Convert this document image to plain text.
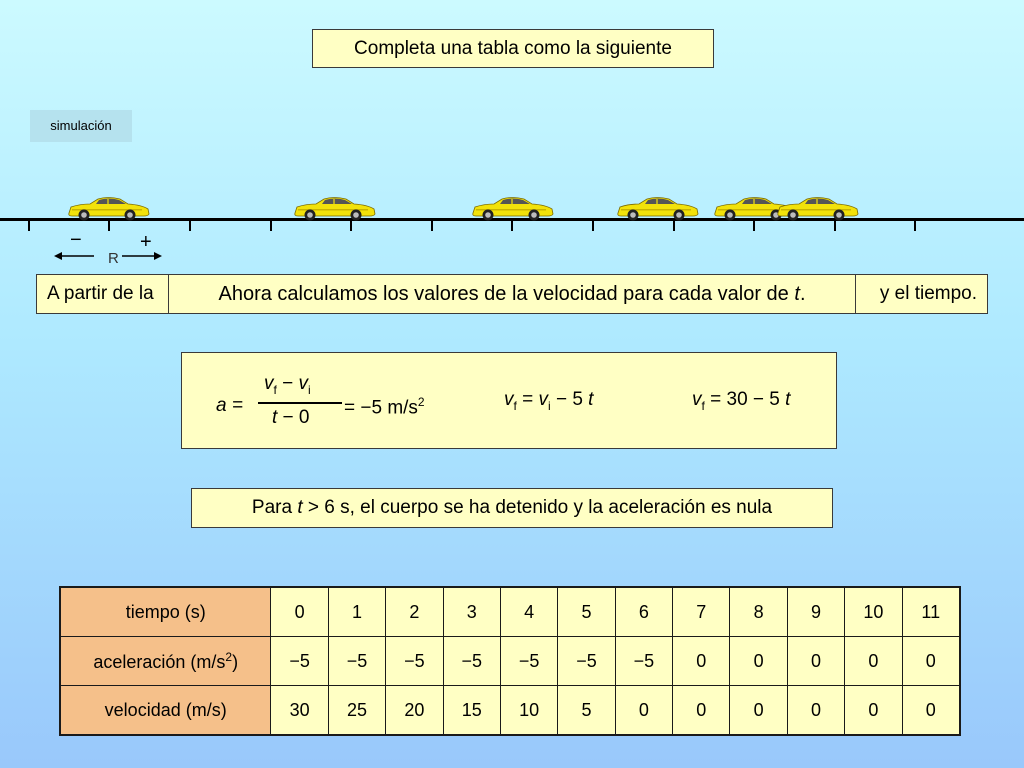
Completa una tabla como la siguiente
simulación
−
R
+
A partir de la	y el tiempo.
Ahora calculamos los valores de la velocidad para cada valor de t.
a =
$v_f - v_i$
t − 0 = −5 $m/s^2$	$v_f = v_i - 5$ t	$v_f = 30 - 5$ t
Para t > 6 s, el cuerpo se ha detenido y la aceleración es nula
tiempo (s)	0	1	2	3	4	5	6	7	8	9	10	11
aceleración $(m/s^2)$	−5	−5	−5	−5	−5	−5	−5	0	0	0	0	0
velocidad (m/s)	30	25	20	15	10	5	0	0	0	0	0	0
